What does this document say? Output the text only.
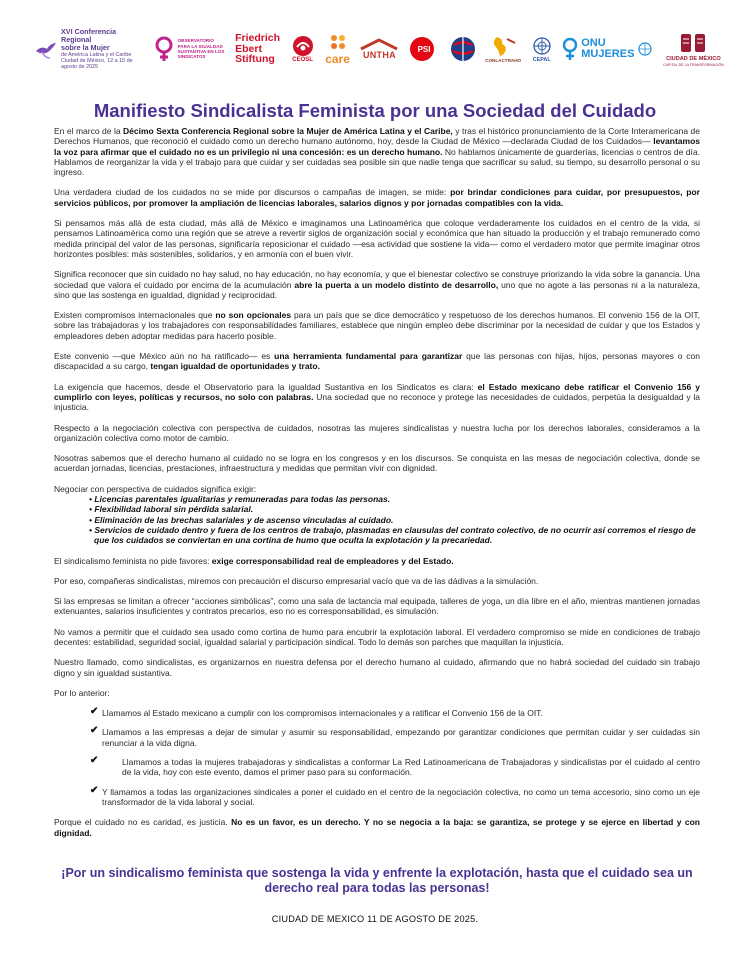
XVI Conferencia Regional
sobre la Mujer
de América Latina y el Caribe
Ciudad de México, 12 a 15 de agosto de 2025
OBSERVATORIO PARA LA IGUALDAD SUSTANTIVA EN LOS SINDICATOS
Friedrich
Ebert
Stiftung	CEOSL care UNTHA
PSI
CONLACTRAHO CEPAL
ONU
MUJERES	CIUDAD DE MÉXICO
CAPITAL DE LA TRANSFORMACIÓN
Manifiesto Sindicalista Feminista por una Sociedad del Cuidado

En el marco de la Décimo Sexta Conferencia Regional sobre la Mujer de América Latina y el Caribe, y tras el histórico pronunciamiento de la Corte Interamericana de Derechos Humanos, que reconoció el cuidado como un derecho humano autónomo, hoy, desde la Ciudad de México —declarada Ciudad de los Cuidados— levantamos la voz para afirmar que el cuidado no es un privilegio ni una concesión: es un derecho humano. No hablamos únicamente de guarderías, licencias o centros de día. Hablamos de reorganizar la vida y el trabajo para que cuidar y ser cuidadas sea posible sin que nadie tenga que sacrificar su salud, su tiempo, su desarrollo personal o su ingreso.

Una verdadera ciudad de los cuidados no se mide por discursos o campañas de imagen, se mide: por brindar condiciones para cuidar, por presupuestos, por servicios públicos, por promover la ampliación de licencias laborales, salarios dignos y por jornadas compatibles con la vida.

Si pensamos más allá de esta ciudad, más allá de México e imaginamos una Latinoamérica que coloque verdaderamente los cuidados en el centro de la vida, si pensamos Latinoamérica como una región que se atreve a revertir siglos de organización social y económica que han situado la producción y el trabajo remunerado como medida principal del valor de las personas, significaría reposicionar el cuidado —esa actividad que sostiene la vida— como el verdadero motor que permite imaginar otros horizontes posibles: más sostenibles, solidarios, y en armonía con el buen vivir.

Significa reconocer que sin cuidado no hay salud, no hay educación, no hay economía, y que el bienestar colectivo se construye priorizando la vida sobre la ganancia. Una sociedad que valora el cuidado por encima de la acumulación abre la puerta a un modelo distinto de desarrollo, uno que no agote a las personas ni a la naturaleza, sino que las sostenga en igualdad, dignidad y reciprocidad.

Existen compromisos internacionales que no son opcionales para un país que se dice democrático y respetuoso de los derechos humanos. El convenio 156 de la OIT, sobre las trabajadoras y los trabajadores con responsabilidades familiares, establece que ningún empleo debe discriminar por la necesidad de cuidar y que los Estados y empleadores deben adoptar medidas para hacerlo posible.

Este convenio —que México aún no ha ratificado— es una herramienta fundamental para garantizar que las personas con hijas, hijos, personas mayores o con discapacidad a su cargo, tengan igualdad de oportunidades y trato.

La exigencia que hacemos, desde el Observatorio para la igualdad Sustantiva en los Sindicatos es clara: el Estado mexicano debe ratificar el Convenio 156 y cumplirlo con leyes, políticas y recursos, no solo con palabras. Una sociedad que no reconoce y protege las necesidades de cuidados, perpetúa la desigualdad y la injusticia.

Respecto a la negociación colectiva con perspectiva de cuidados, nosotras las mujeres sindicalistas y nuestra lucha por los derechos laborales, consideramos a la organización colectiva como motor de cambio.

Nosotras sabemos que el derecho humano al cuidado no se logra en los congresos y en los discursos. Se conquista en las mesas de negociación colectiva, donde se acuerdan jornadas, licencias, prestaciones, infraestructura y medidas que permitan vivir con dignidad.

Negociar con perspectiva de cuidados significa exigir:

• Licencias parentales igualitarias y remuneradas para todas las personas.
• Flexibilidad laboral sin pérdida salarial.
• Eliminación de las brechas salariales y de ascenso vinculadas al cuidado.
• Servicios de cuidado dentro y fuera de los centros de trabajo, plasmadas en clausulas del contrato colectivo, de no ocurrir así corremos el riesgo de que los cuidados se conviertan en una cortina de humo que oculta la explotación y la precariedad.

El sindicalismo feminista no pide favores: exige corresponsabilidad real de empleadores y del Estado.

Por eso, compañeras sindicalistas, miremos con precaución el discurso empresarial vacío que va de las dádivas a la simulación.

Si las empresas se limitan a ofrecer “acciones simbólicas”, como una sala de lactancia mal equipada, talleres de yoga, un día libre en el año, mientras mantienen jornadas extenuantes, salarios insuficientes y contratos precarios, eso no es corresponsabilidad, es simulación.

No vamos a permitir que el cuidado sea usado como cortina de humo para encubrir la explotación laboral. El verdadero compromiso se mide en condiciones de trabajo decentes: estabilidad, seguridad social, igualdad salarial y participación sindical. Todo lo demás son parches que maquillan la injusticia.

Nuestro llamado, como sindicalistas, es organizarnos en nuestra defensa por el derecho humano al cuidado, afirmando que no habrá sociedad del cuidado sin trabajo digno y sin igualdad sustantiva.

Por lo anterior:

✔ Llamamos al Estado mexicano a cumplir con los compromisos internacionales y a ratificar el Convenio 156 de la OIT.
✔ Llamamos a las empresas a dejar de simular y asumir su responsabilidad, empezando por garantizar condiciones que permitan cuidar y ser cuidadas sin renunciar a la vida digna.
✔	Llamamos a todas la mujeres trabajadoras y sindicalistas a conformar La Red Latinoamericana de Trabajadoras y sindicalistas por el cuidado al centro de la vida, hoy con este evento, damos el primer paso para su conformación.
✔ Y llamamos a todas las organizaciones sindicales a poner el cuidado en el centro de la negociación colectiva, no como un tema accesorio, sino como un eje transformador de la vida laboral y social.

Porque el cuidado no es caridad, es justicia. No es un favor, es un derecho. Y no se negocia a la baja: se garantiza, se protege y se ejerce en libertad y con dignidad.

¡Por un sindicalismo feminista que sostenga la vida y enfrente la explotación, hasta que el cuidado sea un derecho real para todas las personas!
CIUDAD DE MEXICO 11 DE AGOSTO DE 2025.
